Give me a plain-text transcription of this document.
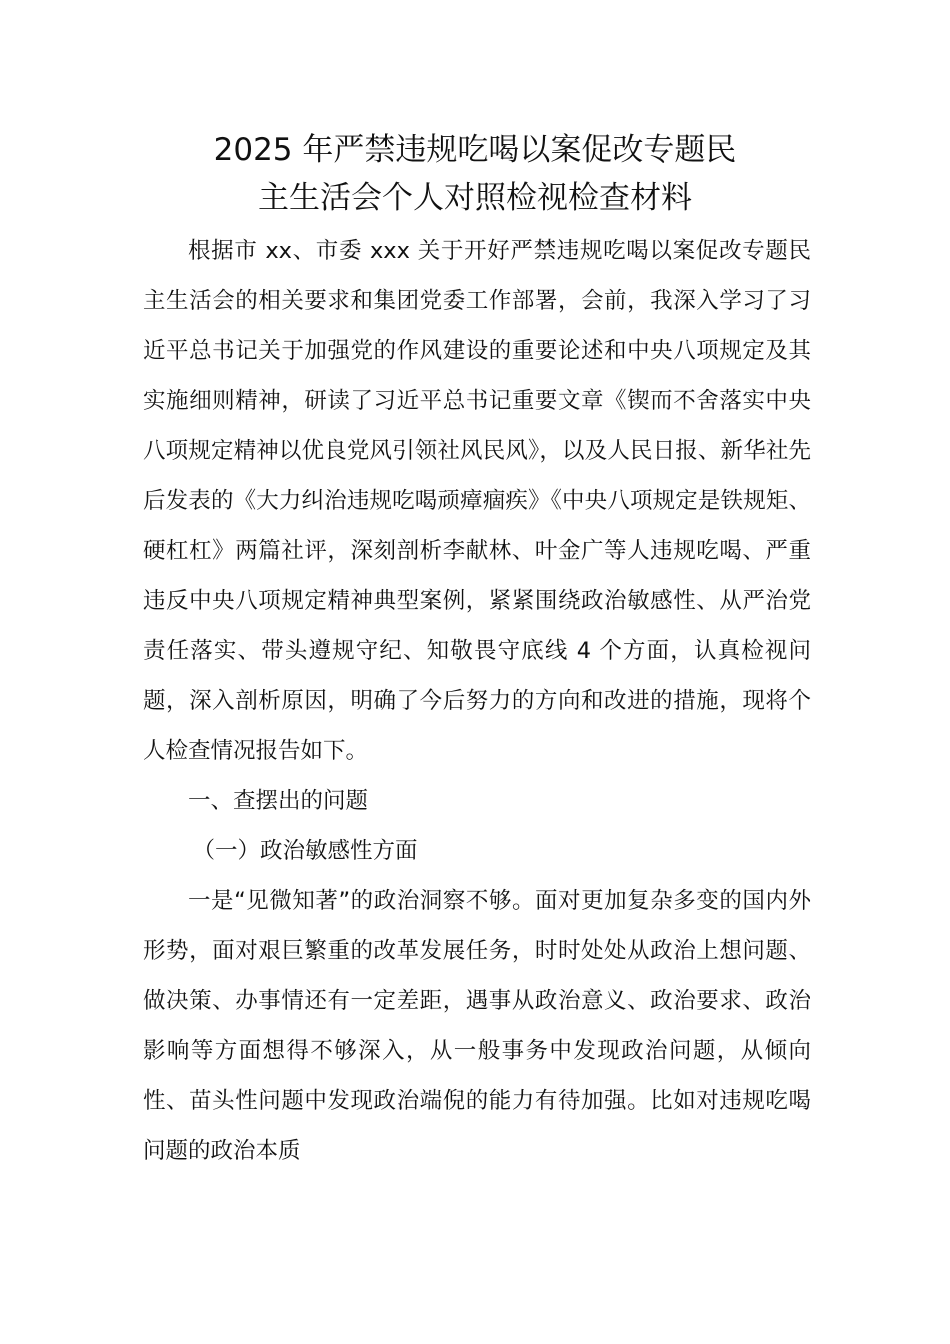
2025 年严禁违规吃喝以案促改专题民
主生活会个人对照检视检查材料

根据市 xx、市委 xxx 关于开好严禁违规吃喝以案促改专题民主生活会的相关要求和集团党委工作部署，会前，我深入学习了习近平总书记关于加强党的作风建设的重要论述和中央八项规定及其实施细则精神，研读了习近平总书记重要文章《锲而不舍落实中央八项规定精神以优良党风引领社风民风》，以及人民日报、新华社先后发表的《大力纠治违规吃喝顽瘴痼疾》《中央八项规定是铁规矩、硬杠杠》两篇社评，深刻剖析李献林、叶金广等人违规吃喝、严重违反中央八项规定精神典型案例，紧紧围绕政治敏感性、从严治党责任落实、带头遵规守纪、知敬畏守底线 4 个方面，认真检视问题，深入剖析原因，明确了今后努力的方向和改进的措施，现将个人检查情况报告如下。

一、查摆出的问题

（一）政治敏感性方面

一是“见微知著”的政治洞察不够。面对更加复杂多变的国内外形势，面对艰巨繁重的改革发展任务，时时处处从政治上想问题、做决策、办事情还有一定差距，遇事从政治意义、政治要求、政治影响等方面想得不够深入，从一般事务中发现政治问题，从倾向性、苗头性问题中发现政治端倪的能力有待加强。比如对违规吃喝问题的政治本质
